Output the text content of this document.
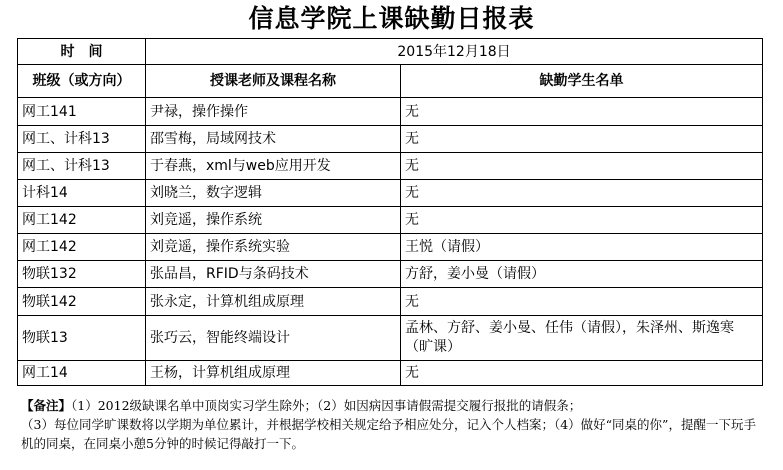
信息学院上课缺勤日报表
时　间	2015年12月18日	
班级（或方向）	授课老师及课程名称	缺勤学生名单
网工141	尹禄，操作操作	无
网工、计科13	邵雪梅，局域网技术	无
网工、计科13	于春燕，xml与web应用开发	无
计科14	刘晓兰，数字逻辑	无
网工142	刘竞遥，操作系统	无
网工142	刘竞遥，操作系统实验	王悦（请假）
物联132	张品昌，RFID与条码技术	方舒，姜小曼（请假）
物联142	张永定，计算机组成原理	无
物联13	张巧云，智能终端设计	孟林、方舒、姜小曼、任伟（请假），朱泽州、斯逸寒（旷课）
网工14	王杨，计算机组成原理	无

【备注】（1）2012级缺课名单中顶岗实习学生除外；（2）如因病因事请假需提交履行报批的请假条；

（3）每位同学旷课数将以学期为单位累计，并根据学校相关规定给予相应处分，记入个人档案；（4）做好“同桌的你”，提醒一下玩手机的同桌，在同桌小憩5分钟的时候记得敲打一下。
